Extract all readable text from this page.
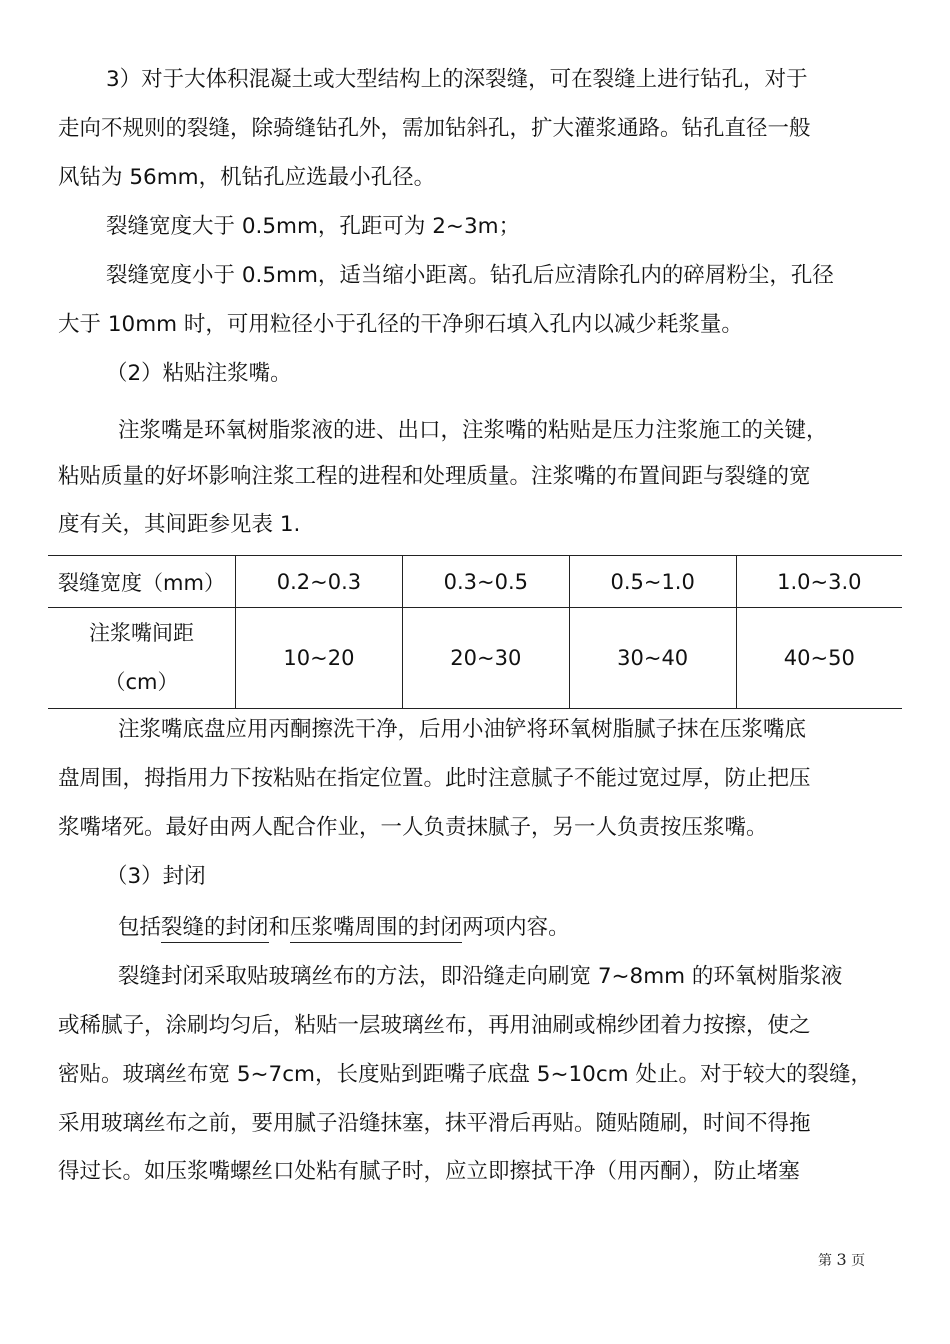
3）对于大体积混凝土或大型结构上的深裂缝，可在裂缝上进行钻孔，对于

走向不规则的裂缝，除骑缝钻孔外，需加钻斜孔，扩大灌浆通路。钻孔直径一般

风钻为 56mm，机钻孔应选最小孔径。

裂缝宽度大于 0.5mm，孔距可为 2~3m；

裂缝宽度小于 0.5mm，适当缩小距离。钻孔后应清除孔内的碎屑粉尘，孔径

大于 10mm 时，可用粒径小于孔径的干净卵石填入孔内以减少耗浆量。

（2）粘贴注浆嘴。

注浆嘴是环氧树脂浆液的进、出口，注浆嘴的粘贴是压力注浆施工的关键，

粘贴质量的好坏影响注浆工程的进程和处理质量。注浆嘴的布置间距与裂缝的宽

度有关，其间距参见表 1.

裂缝宽度（mm）	0.2~0.3	0.3~0.5	0.5~1.0	1.0~3.0

注浆嘴间距
（cm）	10~20	20~30	30~40	40~50

注浆嘴底盘应用丙酮擦洗干净，后用小油铲将环氧树脂腻子抹在压浆嘴底

盘周围，拇指用力下按粘贴在指定位置。此时注意腻子不能过宽过厚，防止把压

浆嘴堵死。最好由两人配合作业，一人负责抹腻子，另一人负责按压浆嘴。

（3）封闭

包括裂缝的封闭和压浆嘴周围的封闭两项内容。

裂缝封闭采取贴玻璃丝布的方法，即沿缝走向刷宽 7~8mm 的环氧树脂浆液

或稀腻子，涂刷均匀后，粘贴一层玻璃丝布，再用油刷或棉纱团着力按擦，使之

密贴。玻璃丝布宽 5~7cm，长度贴到距嘴子底盘 5~10cm 处止。对于较大的裂缝，

采用玻璃丝布之前，要用腻子沿缝抹塞，抹平滑后再贴。随贴随刷，时间不得拖

得过长。如压浆嘴螺丝口处粘有腻子时，应立即擦拭干净（用丙酮），防止堵塞

第 3 页
